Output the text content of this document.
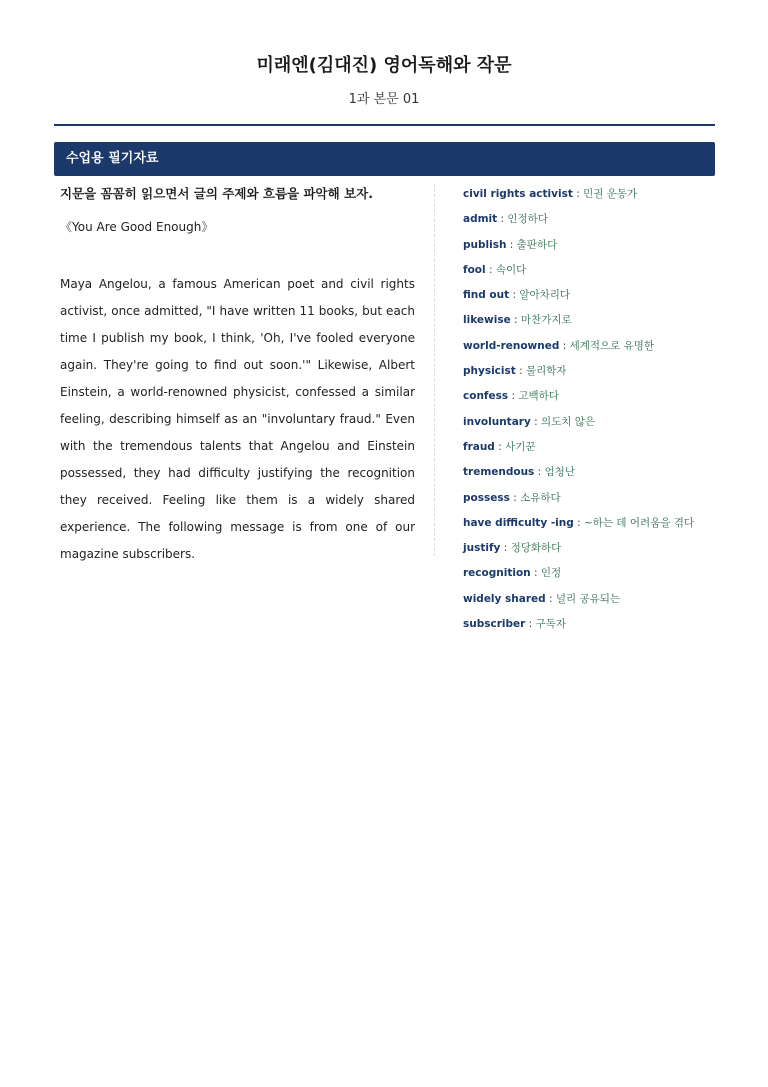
미래엔(김대진) 영어독해와 작문
1과 본문 01
수업용 필기자료

지문을 꼼꼼히 읽으면서 글의 주제와 흐름을 파악해 보자.

《You Are Good Enough》
Maya Angelou, a famous American poet and civil rights activist, once admitted, "I have written 11 books, but each time I publish my book, I think, 'Oh, I've fooled everyone again. They're going to find out soon.'" Likewise, Albert Einstein, a world-renowned physicist, confessed a similar feeling, describing himself as an "involuntary fraud." Even with the tremendous talents that Angelou and Einstein possessed, they had difficulty justifying the recognition they received. Feeling like them is a widely shared experience. The following message is from one of our magazine subscribers.
civil rights activist : 민권 운동가
admit : 인정하다
publish : 출판하다
fool : 속이다
find out : 알아차리다
likewise : 마찬가지로
world-renowned : 세계적으로 유명한
physicist : 물리학자
confess : 고백하다
involuntary : 의도치 않은
fraud : 사기꾼
tremendous : 엄청난
possess : 소유하다
have difficulty -ing : ~하는 데 어려움을 겪다
justify : 정당화하다
recognition : 인정
widely shared : 널리 공유되는
subscriber : 구독자
